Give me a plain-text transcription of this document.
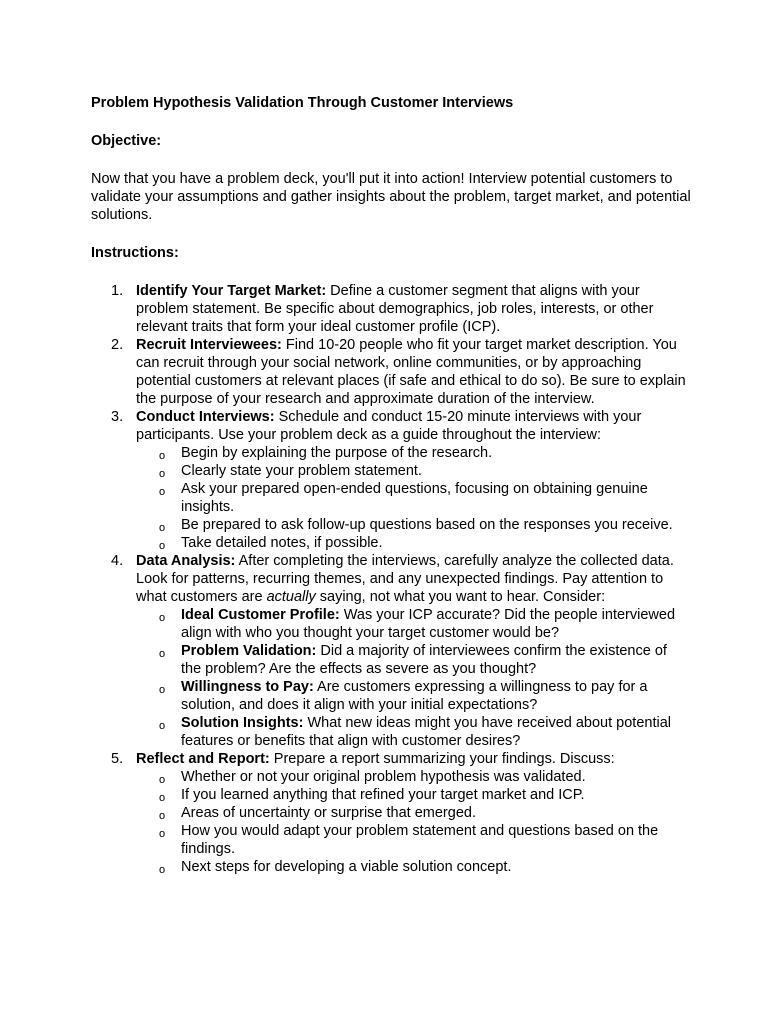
Problem Hypothesis Validation Through Customer Interviews

Objective:

Now that you have a problem deck, you'll put it into action! Interview potential customers to validate your assumptions and gather insights about the problem, target market, and potential solutions.

Instructions:

1. Identify Your Target Market: Define a customer segment that aligns with your problem statement. Be specific about demographics, job roles, interests, or other relevant traits that form your ideal customer profile (ICP).
2. Recruit Interviewees: Find 10-20 people who fit your target market description. You can recruit through your social network, online communities, or by approaching potential customers at relevant places (if safe and ethical to do so). Be sure to explain the purpose of your research and approximate duration of the interview.
3. Conduct Interviews: Schedule and conduct 15-20 minute interviews with your participants. Use your problem deck as a guide throughout the interview:
o Begin by explaining the purpose of the research.
o Clearly state your problem statement.
o Ask your prepared open-ended questions, focusing on obtaining genuine insights.
o Be prepared to ask follow-up questions based on the responses you receive.
o Take detailed notes, if possible.
4. Data Analysis: After completing the interviews, carefully analyze the collected data. Look for patterns, recurring themes, and any unexpected findings. Pay attention to what customers are actually saying, not what you want to hear. Consider:
o Ideal Customer Profile: Was your ICP accurate? Did the people interviewed align with who you thought your target customer would be?
o Problem Validation: Did a majority of interviewees confirm the existence of the problem? Are the effects as severe as you thought?
o Willingness to Pay: Are customers expressing a willingness to pay for a solution, and does it align with your initial expectations?
o Solution Insights: What new ideas might you have received about potential features or benefits that align with customer desires?
5. Reflect and Report: Prepare a report summarizing your findings. Discuss:
o Whether or not your original problem hypothesis was validated.
o If you learned anything that refined your target market and ICP.
o Areas of uncertainty or surprise that emerged.
o How you would adapt your problem statement and questions based on the findings.
o Next steps for developing a viable solution concept.
